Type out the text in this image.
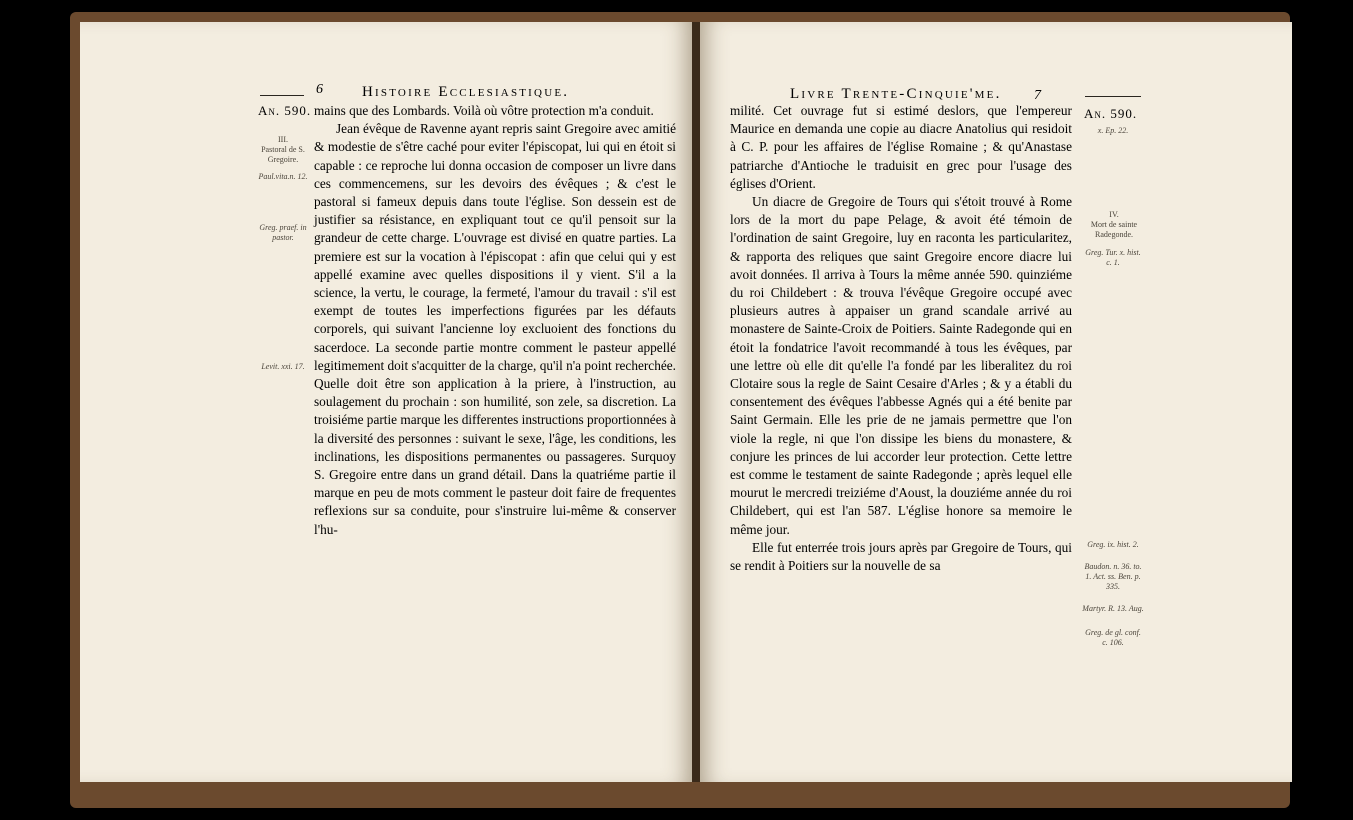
6	Histoire Ecclesiastique.
An. 590.
III.
Pastoral de S. Gregoire.
Paul.vita.n. 12.
Greg. praef. in pastor.
Levit. xxi. 17.

mains que des Lombards. Voilà où vôtre protection m'a conduit.

Jean évêque de Ravenne ayant repris saint Gregoire avec amitié & modestie de s'être caché pour eviter l'épiscopat, lui qui en étoit si capable : ce reproche lui donna occasion de composer un livre dans ces commencemens, sur les devoirs des évêques ; & c'est le pastoral si fameux depuis dans toute l'église. Son dessein est de justifier sa résistance, en expliquant tout ce qu'il pensoit sur la grandeur de cette charge. L'ouvrage est divisé en quatre parties. La premiere est sur la vocation à l'épiscopat : afin que celui qui y est appellé examine avec quelles dispositions il y vient. S'il a la science, la vertu, le courage, la fermeté, l'amour du travail : s'il est exempt de toutes les imperfections figurées par les défauts corporels, qui suivant l'ancienne loy excluoient des fonctions du sacerdoce. La seconde partie montre comment le pasteur appellé legitimement doit s'acquitter de la charge, qu'il n'a point recherchée. Quelle doit être son application à la priere, à l'instruction, au soulagement du prochain : son humilité, son zele, sa discretion. La troisiéme partie marque les differentes instructions proportionnées à la diversité des personnes : suivant le sexe, l'âge, les conditions, les inclinations, les dispositions permanentes ou passageres. Surquoy S. Gregoire entre dans un grand détail. Dans la quatriéme partie il marque en peu de mots comment le pasteur doit faire de frequentes reflexions sur sa conduite, pour s'instruire lui-même & conserver l'hu-

Livre Trente-Cinquie'me. 7
An. 590.
x. Ep. 22.
IV.
Mort de sainte Radegonde.
Greg. Tur. x. hist. c. 1.
Greg. ix. hist. 2.
Baudon. n. 36. to. 1. Act. ss. Ben. p. 335.
Martyr. R. 13. Aug.
Greg. de gl. conf. c. 106.

milité. Cet ouvrage fut si estimé deslors, que l'empereur Maurice en demanda une copie au diacre Anatolius qui residoit à C. P. pour les affaires de l'église Romaine ; & qu'Anastase patriarche d'Antioche le traduisit en grec pour l'usage des églises d'Orient.

Un diacre de Gregoire de Tours qui s'étoit trouvé à Rome lors de la mort du pape Pelage, & avoit été témoin de l'ordination de saint Gregoire, luy en raconta les particularitez, & rapporta des reliques que saint Gregoire encore diacre lui avoit données. Il arriva à Tours la même année 590. quinziéme du roi Childebert : & trouva l'évêque Gregoire occupé avec plusieurs autres à appaiser un grand scandale arrivé au monastere de Sainte-Croix de Poitiers. Sainte Radegonde qui en étoit la fondatrice l'avoit recommandé à tous les évêques, par une lettre où elle dit qu'elle l'a fondé par les liberalitez du roi Clotaire sous la regle de Saint Cesaire d'Arles ; & y a établi du consentement des évêques l'abbesse Agnés qui a été benite par Saint Germain. Elle les prie de ne jamais permettre que l'on viole la regle, ni que l'on dissipe les biens du monastere, & conjure les princes de lui accorder leur protection. Cette lettre est comme le testament de sainte Radegonde ; après lequel elle mourut le mercredi treiziéme d'Aoust, la douziéme année du roi Childebert, qui est l'an 587. L'église honore sa memoire le même jour.

Elle fut enterrée trois jours après par Gregoire de Tours, qui se rendit à Poitiers sur la nouvelle de sa
